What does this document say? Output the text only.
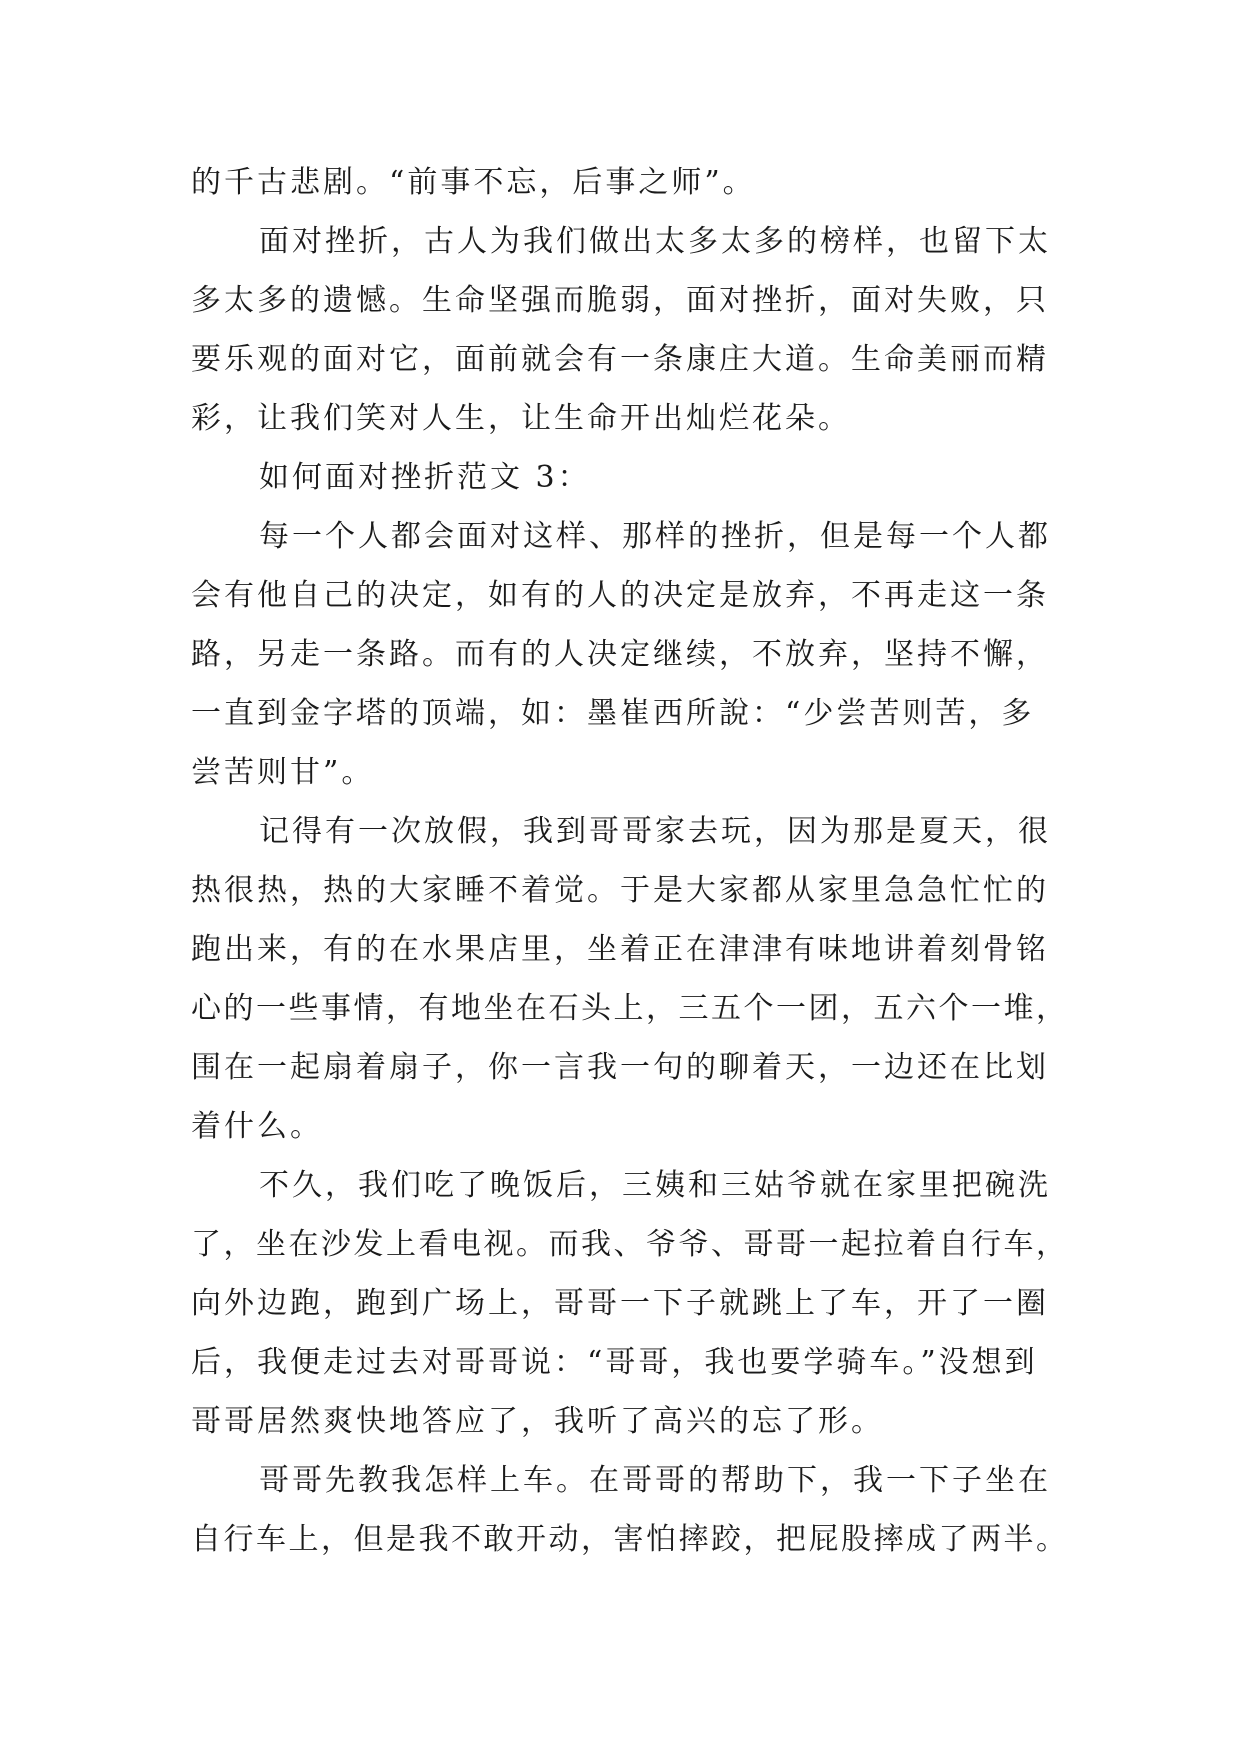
的千古悲剧。“前事不忘，后事之师”。
面对挫折，古人为我们做出太多太多的榜样，也留下太
多太多的遗憾。生命坚强而脆弱，面对挫折，面对失败，只
要乐观的面对它，面前就会有一条康庄大道。生命美丽而精
彩，让我们笑对人生，让生命开出灿烂花朵。
如何面对挫折范文 3：
每一个人都会面对这样、那样的挫折，但是每一个人都
会有他自己的决定，如有的人的决定是放弃，不再走这一条
路，另走一条路。而有的人决定继续，不放弃，坚持不懈，
一直到金字塔的顶端，如：墨崔西所說：“少尝苦则苦，多
尝苦则甘”。
记得有一次放假，我到哥哥家去玩，因为那是夏天，很
热很热，热的大家睡不着觉。于是大家都从家里急急忙忙的
跑出来，有的在水果店里，坐着正在津津有味地讲着刻骨铭
心的一些事情，有地坐在石头上，三五个一团，五六个一堆，
围在一起扇着扇子，你一言我一句的聊着天，一边还在比划
着什么。
不久，我们吃了晚饭后，三姨和三姑爷就在家里把碗洗
了，坐在沙发上看电视。而我、爷爷、哥哥一起拉着自行车，
向外边跑，跑到广场上，哥哥一下子就跳上了车，开了一圈
后，我便走过去对哥哥说：“哥哥，我也要学骑车。”没想到
哥哥居然爽快地答应了，我听了高兴的忘了形。
哥哥先教我怎样上车。在哥哥的帮助下，我一下子坐在
自行车上，但是我不敢开动，害怕摔跤，把屁股摔成了两半。
